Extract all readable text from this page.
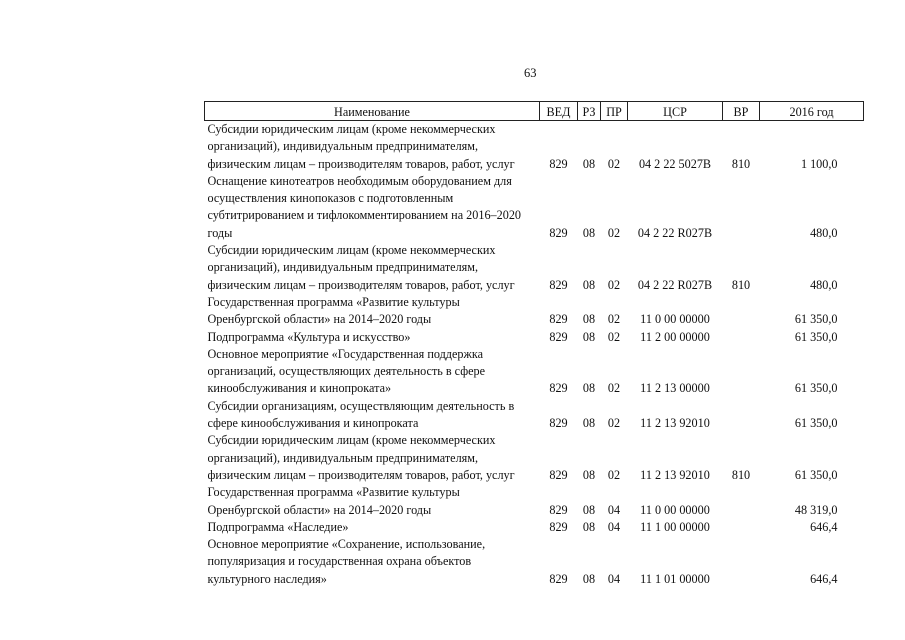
63
Наименование	ВЕД	РЗ	ПР	ЦСР	ВР	2016 год
Субсидии юридическим лицам (кроме некоммерческих организаций), индивидуальным предпринимателям, физическим лицам – производителям товаров, работ, услуг	829	08	02	04 2 22 5027В	810	1 100,0
Оснащение кинотеатров необходимым оборудованием для осуществления кинопоказов с подготовленным субтитрированием и тифлокомментированием на 2016–2020 годы	829	08	02	04 2 22 R027В		480,0
Субсидии юридическим лицам (кроме некоммерческих организаций), индивидуальным предпринимателям, физическим лицам – производителям товаров, работ, услуг	829	08	02	04 2 22 R027В	810	480,0
Государственная программа «Развитие культуры Оренбургской области» на 2014–2020 годы	829	08	02	11 0 00 00000		61 350,0
Подпрограмма «Культура и искусство»	829	08	02	11 2 00 00000		61 350,0
Основное мероприятие «Государственная поддержка организаций, осуществляющих деятельность в сфере кинообслуживания и кинопроката»	829	08	02	11 2 13 00000		61 350,0
Субсидии организациям, осуществляющим деятельность в сфере кинообслуживания и кинопроката	829	08	02	11 2 13 92010		61 350,0
Субсидии юридическим лицам (кроме некоммерческих организаций), индивидуальным предпринимателям, физическим лицам – производителям товаров, работ, услуг	829	08	02	11 2 13 92010	810	61 350,0
Государственная программа «Развитие культуры Оренбургской области» на 2014–2020 годы	829	08	04	11 0 00 00000		48 319,0
Подпрограмма «Наследие»	829	08	04	11 1 00 00000		646,4
Основное мероприятие «Сохранение, использование, популяризация и государственная охрана объектов культурного наследия»	829	08	04	11 1 01 00000		646,4
